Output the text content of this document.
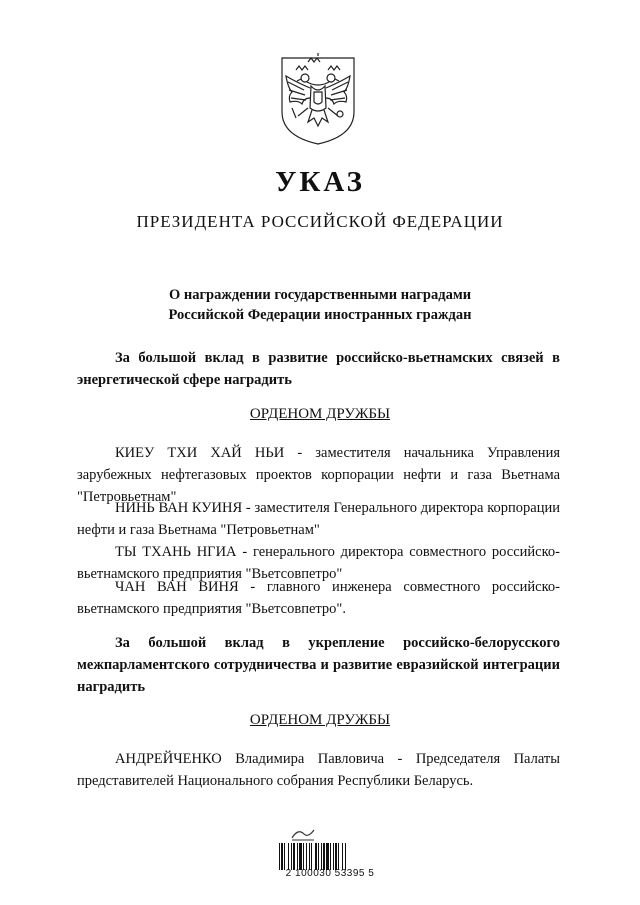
УКАЗ
ПРЕЗИДЕНТА РОССИЙСКОЙ ФЕДЕРАЦИИ
О награждении государственными наградами
Российской Федерации иностранных граждан
За большой вклад в развитие российско-вьетнамских связей в энергетической сфере наградить
ОРДЕНОМ ДРУЖБЫ
КИЕУ ТХИ ХАЙ НЬИ - заместителя начальника Управления зарубежных нефтегазовых проектов корпорации нефти и газа Вьетнама "Петровьетнам"
НИНЬ ВАН КУИНЯ - заместителя Генерального директора корпорации нефти и газа Вьетнама "Петровьетнам"
ТЫ ТХАНЬ НГИА - генерального директора совместного российско-вьетнамского предприятия "Вьетсовпетро"
ЧАН ВАН ВИНЯ - главного инженера совместного российско-вьетнамского предприятия "Вьетсовпетро".
За большой вклад в укрепление российско-белорусского межпарламентского сотрудничества и развитие евразийской интеграции наградить
ОРДЕНОМ ДРУЖБЫ
АНДРЕЙЧЕНКО Владимира Павловича - Председателя Палаты представителей Национального собрания Республики Беларусь.
2 100030 53395 5
